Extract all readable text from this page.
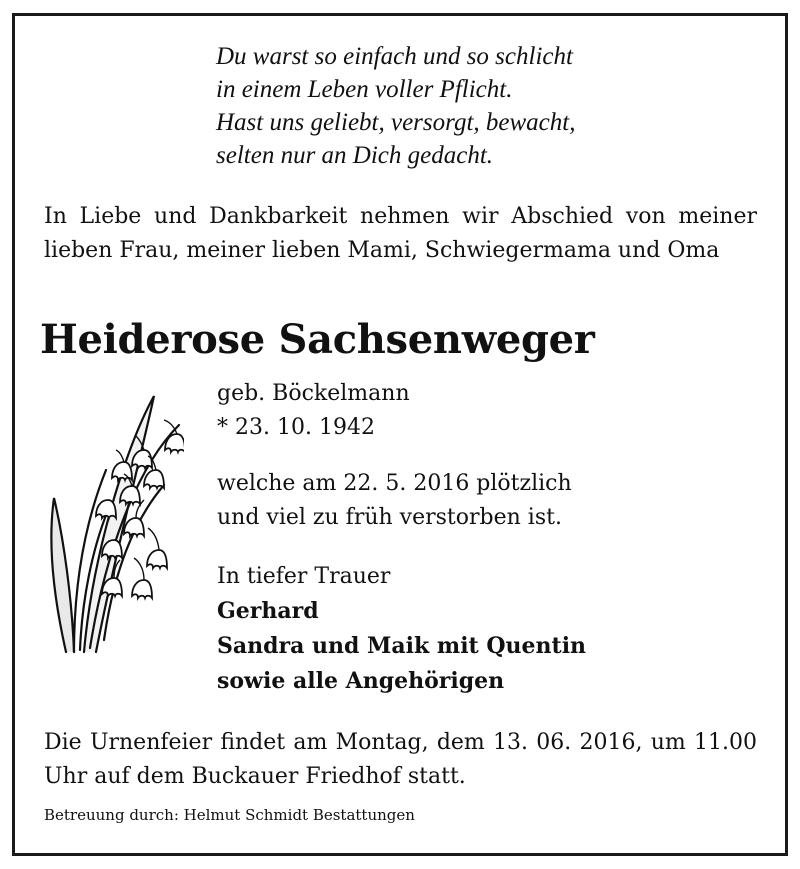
Du warst so einfach und so schlicht
in einem Leben voller Pflicht.
Hast uns geliebt, versorgt, bewacht,
selten nur an Dich gedacht.
In Liebe und Dankbarkeit nehmen wir Abschied von meiner lieben Frau, meiner lieben Mami, Schwiegermama und Oma
Heiderose Sachsenweger
geb. Böckelmann
* 23. 10. 1942
welche am 22. 5. 2016 plötzlich
und viel zu früh verstorben ist.
In tiefer Trauer
Gerhard
Sandra und Maik mit Quentin
sowie alle Angehörigen
Die Urnenfeier findet am Montag, dem 13. 06. 2016, um 11.00 Uhr auf dem Buckauer Friedhof statt.
Betreuung durch: Helmut Schmidt Bestattungen
